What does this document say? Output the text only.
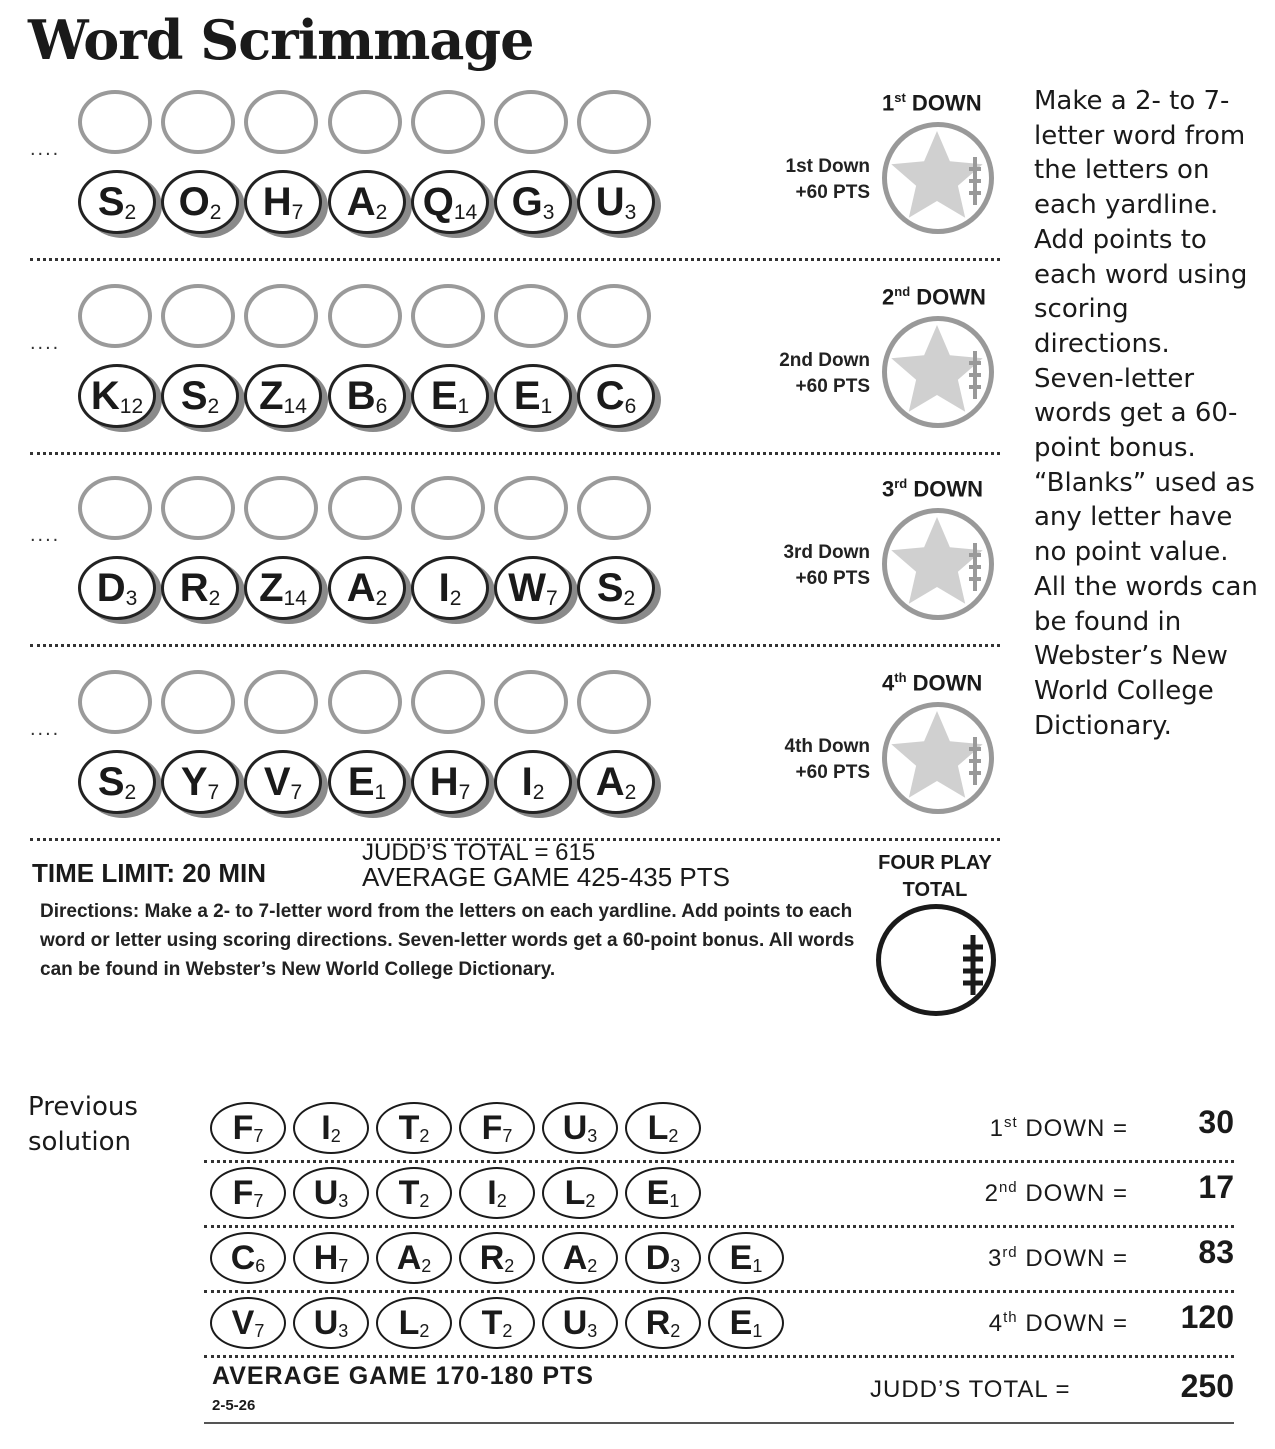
Word Scrimmage
....
S 2 O 2 H 7 A 2 Q 14 G 3 U 3
1st DOWN
1st Down
+60 PTS
....
K 12 S 2 Z 14 B 6 E 1 E 1 C 6
2nd DOWN
2nd Down
+60 PTS
....
D 3 R 2 Z 14 A 2 I 2 W 7 S 2
3rd DOWN
3rd Down
+60 PTS
....
S 2 Y 7 V 7 E 1 H 7 I 2 A 2
4th DOWN
4th Down
+60 PTS
Make a 2- to 7-letter word from the letters on each yardline. Add points to each word using scoring directions. Seven-letter words get a 60-point bonus. “Blanks” used as any letter have no point value. All the words can be found in Webster’s New World College Dictionary.
TIME LIMIT: 20 MIN
JUDD’S TOTAL = 615
AVERAGE GAME 425-435 PTS
Directions: Make a 2- to 7-letter word from the letters on each yardline. Add points to each word or letter using scoring directions. Seven-letter words get a 60-point bonus. All words can be found in Webster’s New World College Dictionary.
FOUR PLAY
TOTAL
Previous
solution	F 7 I 2 T 2 F 7 U 3 L 2	1st DOWN =	30
F 7 U 3 T 2 I 2 L 2 E 1	2nd DOWN =	17
C 6 H 7 A 2 R 2 A 2 D 3 E 1	3rd DOWN =	83
V 7 U 3 L 2 T 2 U 3 R 2 E 1	4th DOWN =	120
AVERAGE GAME 170-180 PTS
2-5-26
JUDD’S TOTAL =	250
